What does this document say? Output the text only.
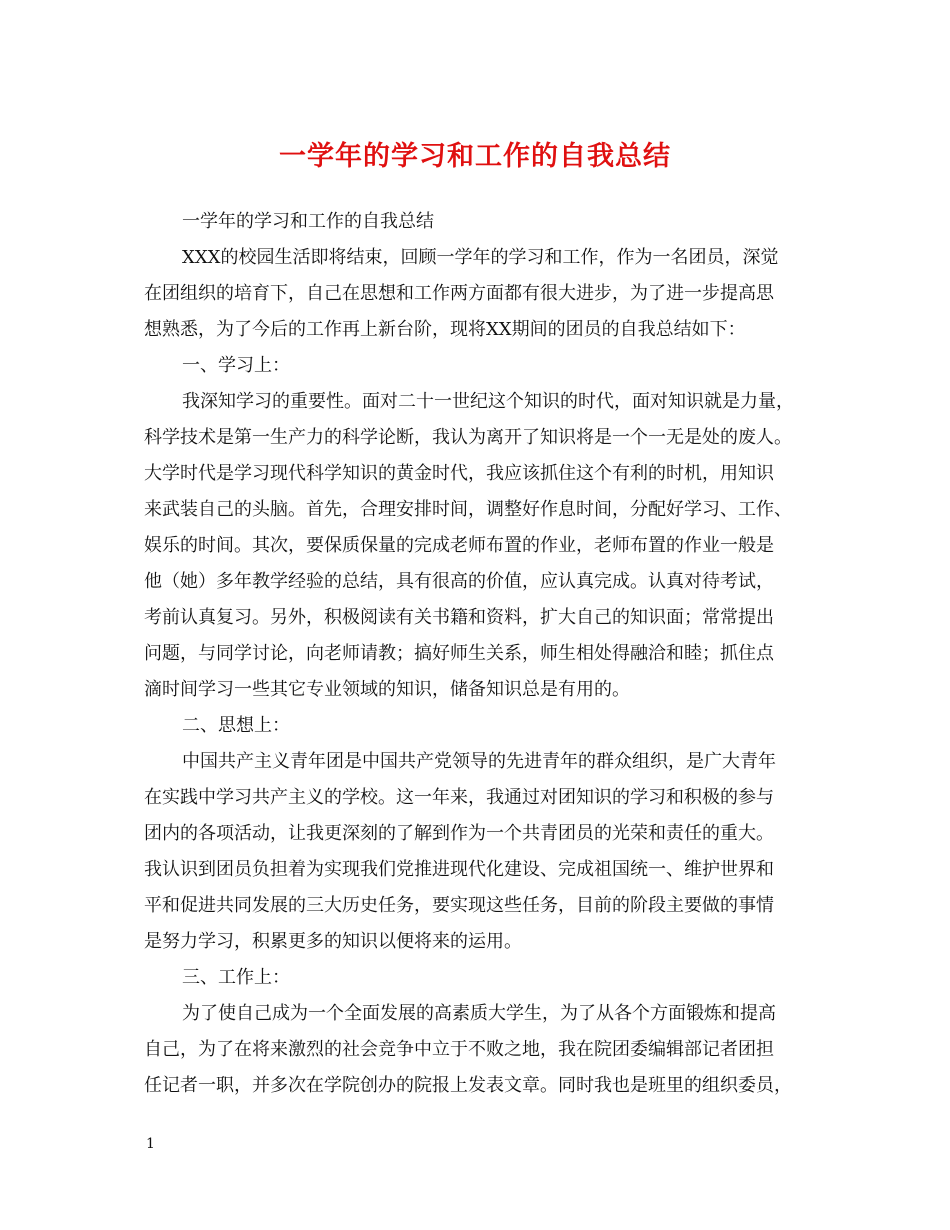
一学年的学习和工作的自我总结

一学年的学习和工作的自我总结

XXX的校园生活即将结束，回顾一学年的学习和工作，作为一名团员，深觉

在团组织的培育下，自己在思想和工作两方面都有很大进步，为了进一步提高思

想熟悉，为了今后的工作再上新台阶，现将XX期间的团员的自我总结如下：

一、学习上：

我深知学习的重要性。面对二十一世纪这个知识的时代，面对知识就是力量，

科学技术是第一生产力的科学论断，我认为离开了知识将是一个一无是处的废人。

大学时代是学习现代科学知识的黄金时代，我应该抓住这个有利的时机，用知识

来武装自己的头脑。首先，合理安排时间，调整好作息时间，分配好学习、工作、

娱乐的时间。其次，要保质保量的完成老师布置的作业，老师布置的作业一般是

他（她）多年教学经验的总结，具有很高的价值，应认真完成。认真对待考试，

考前认真复习。另外，积极阅读有关书籍和资料，扩大自己的知识面；常常提出

问题，与同学讨论，向老师请教；搞好师生关系，师生相处得融洽和睦；抓住点

滴时间学习一些其它专业领域的知识，储备知识总是有用的。

二、思想上：

中国共产主义青年团是中国共产党领导的先进青年的群众组织，是广大青年

在实践中学习共产主义的学校。这一年来，我通过对团知识的学习和积极的参与

团内的各项活动，让我更深刻的了解到作为一个共青团员的光荣和责任的重大。

我认识到团员负担着为实现我们党推进现代化建设、完成祖国统一、维护世界和

平和促进共同发展的三大历史任务，要实现这些任务，目前的阶段主要做的事情

是努力学习，积累更多的知识以便将来的运用。

三、工作上：

为了使自己成为一个全面发展的高素质大学生，为了从各个方面锻炼和提高

自己，为了在将来激烈的社会竞争中立于不败之地，我在院团委编辑部记者团担

任记者一职，并多次在学院创办的院报上发表文章。同时我也是班里的组织委员，

1
